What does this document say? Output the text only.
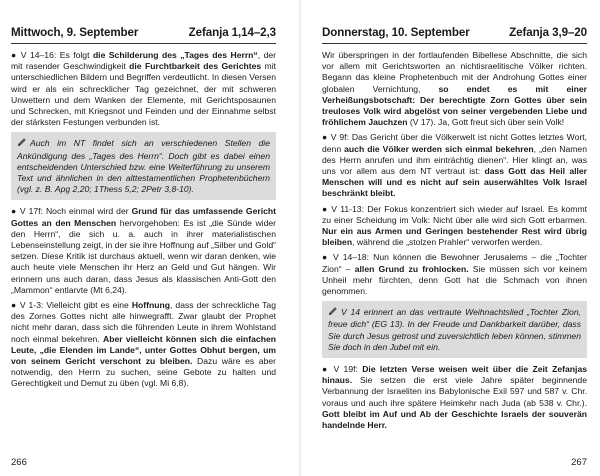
Mittwoch, 9. September	Zefanja 1,14–2,3

● V 14–16: Es folgt die Schilderung des „Tages des Herrn“, der mit rasender Geschwindigkeit die Furchtbarkeit des Gerichtes mit unterschiedlichen Bildern und Begriffen verdeutlicht. In diesen Versen wird er als ein schrecklicher Tag gezeichnet, der mit schweren Unwettern und dem Wanken der Elemente, mit Gerichtsposaunen und Schrecken, mit Kriegsnot und Feinden und der Einnahme selbst der stärksten Festungen verbunden ist.

Auch im NT findet sich an verschiedenen Stellen die Ankündigung des „Tages des Herrn“. Doch gibt es dabei einen entscheidenden Unterschied bzw. eine Weiterführung zu unserem Text und ähnlichen in den alttestamentlichen Prophetenbüchern (vgl. z. B. Apg 2,20; 1Thess 5,2; 2Petr 3,8-10).

● V 17f: Noch einmal wird der Grund für das umfassende Gericht Gottes an den Menschen hervorgehoben: Es ist „die Sünde wider den Herrn“, die sich u. a. auch in ihrer materialistischen Lebenseinstellung zeigt, in der sie ihre Hoffnung auf „Silber und Gold“ setzen. Diese Kritik ist durchaus aktuell, wenn wir daran denken, wie auch heute viele Menschen ihr Herz an Geld und Gut hängen. Wir erinnern uns auch daran, dass Jesus als klassischen Anti-Gott den „Mammon“ entlarvte (Mt 6,24).

● V 1-3: Vielleicht gibt es eine Hoffnung, dass der schreckliche Tag des Zornes Gottes nicht alle hinwegrafft. Zwar glaubt der Prophet nicht mehr daran, dass sich die führenden Leute in ihrem Wohlstand noch einmal bekehren. Aber vielleicht können sich die einfachen Leute, „die Elenden im Lande“, unter Gottes Obhut bergen, um von seinem Gericht verschont zu bleiben. Dazu wäre es aber notwendig, den Herrn zu suchen, seine Gebote zu halten und Gerechtigkeit und Demut zu üben (vgl. Mi 6,8).

266
Donnerstag, 10. September	Zefanja 3,9–20

Wir überspringen in der fortlaufenden Bibellese Abschnitte, die sich vor allem mit Gerichtsworten an nichtisraelitische Völker richten. Begann das kleine Prophetenbuch mit der Androhung Gottes einer globalen Vernichtung, so endet es mit einer Verheißungsbotschaft: Der berechtigte Zorn Gottes über sein treuloses Volk wird abgelöst von seiner vergebenden Liebe und fröhlichem Jauchzen (V 17). Ja, Gott freut sich über sein Volk!

● V 9f: Das Gericht über die Völkerwelt ist nicht Gottes letztes Wort, denn auch die Völker werden sich einmal bekehren, „den Namen des Herrn anrufen und ihm einträchtig dienen“. Hier klingt an, was uns vor allem aus dem NT vertraut ist: dass Gott das Heil aller Menschen will und es nicht auf sein auserwähltes Volk Israel beschränkt bleibt.

● V 11-13: Der Fokus konzentriert sich wieder auf Israel. Es kommt zu einer Scheidung im Volk: Nicht über alle wird sich Gott erbarmen. Nur ein aus Armen und Geringen bestehender Rest wird übrig bleiben, während die „stolzen Prahler“ verworfen werden.

● V 14–18: Nun können die Bewohner Jerusalems – die „Tochter Zion“ – allen Grund zu frohlocken. Sie müssen sich vor keinem Unheil mehr fürchten, denn Gott hat die Schmach von ihnen genommen.

V 14 erinnert an das vertraute Weihnachtslied „Tochter Zion, freue dich“ (EG 13). In der Freude und Dankbarkeit darüber, dass Sie durch Jesus getrost und zuversichtlich leben können, stimmen Sie doch in den Jubel mit ein.

● V 19f: Die letzten Verse weisen weit über die Zeit Zefanjas hinaus. Sie setzen die erst viele Jahre später beginnende Verbannung der Israeliten ins Babylonische Exil 597 und 587 v. Chr. voraus und auch ihre spätere Heimkehr nach Juda (ab 538 v. Chr.). Gott bleibt im Auf und Ab der Geschichte Israels der souverän handelnde Herr.

267
